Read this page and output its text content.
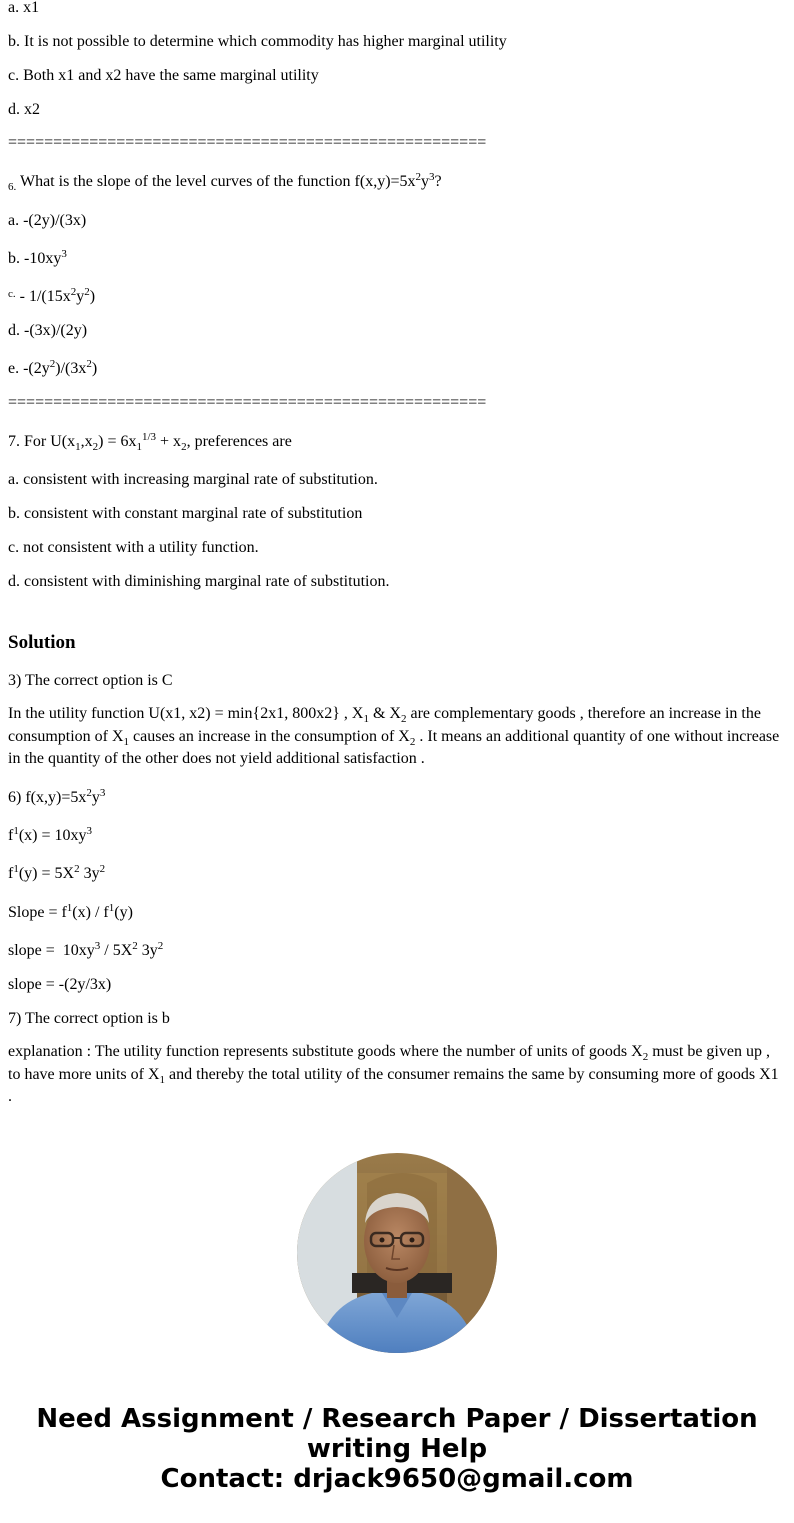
a. x1

b. It is not possible to determine which commodity has higher marginal utility

c. Both x1 and x2 have the same marginal utility

d. x2

=====================================================

$_{6.}$ What is the slope of the level curves of the function $f(x,y)=5x^2y^3$?

a. -(2y)/(3x)

b. $-10xy^3$

$^{c.} - 1/(15x^2y^2)$

d. -(3x)/(2y)

e. $-(2y^2)/(3x^2)$

=====================================================

7. For $U(x_1,x_2) = 6x_1^{1/3} + x_2$, preferences are

a. consistent with increasing marginal rate of substitution.

b. consistent with constant marginal rate of substitution

c. not consistent with a utility function.

d. consistent with diminishing marginal rate of substitution.

Solution

3) The correct option is C

In the utility function U(x1, x2) = min{2x1, 800x2} , $X_1$ & $X_2$ are complementary goods , therefore an increase in the consumption of $X_1$ causes an increase in the consumption of $X_2$ . It means an additional quantity of one without increase in the quantity of the other does not yield additional satisfaction .

6) $f(x,y)=5x^2y^3$

$f^1(x) = 10xy^3$

$f^1(y) = 5X^2$ $3y^2$

Slope = $f^1(x) / f^1(y)$

slope =  $10xy^3 / 5X^2$ $3y^2$

slope = -(2y/3x)

7) The correct option is b

explanation : The utility function represents substitute goods where the number of units of goods $X_2$ must be given up , to have more units of $X_1$ and thereby the total utility of the consumer remains the same by consuming more of goods X1 .

Need Assignment / Research Paper / Dissertation writing Help
Contact: drjack9650@gmail.com
